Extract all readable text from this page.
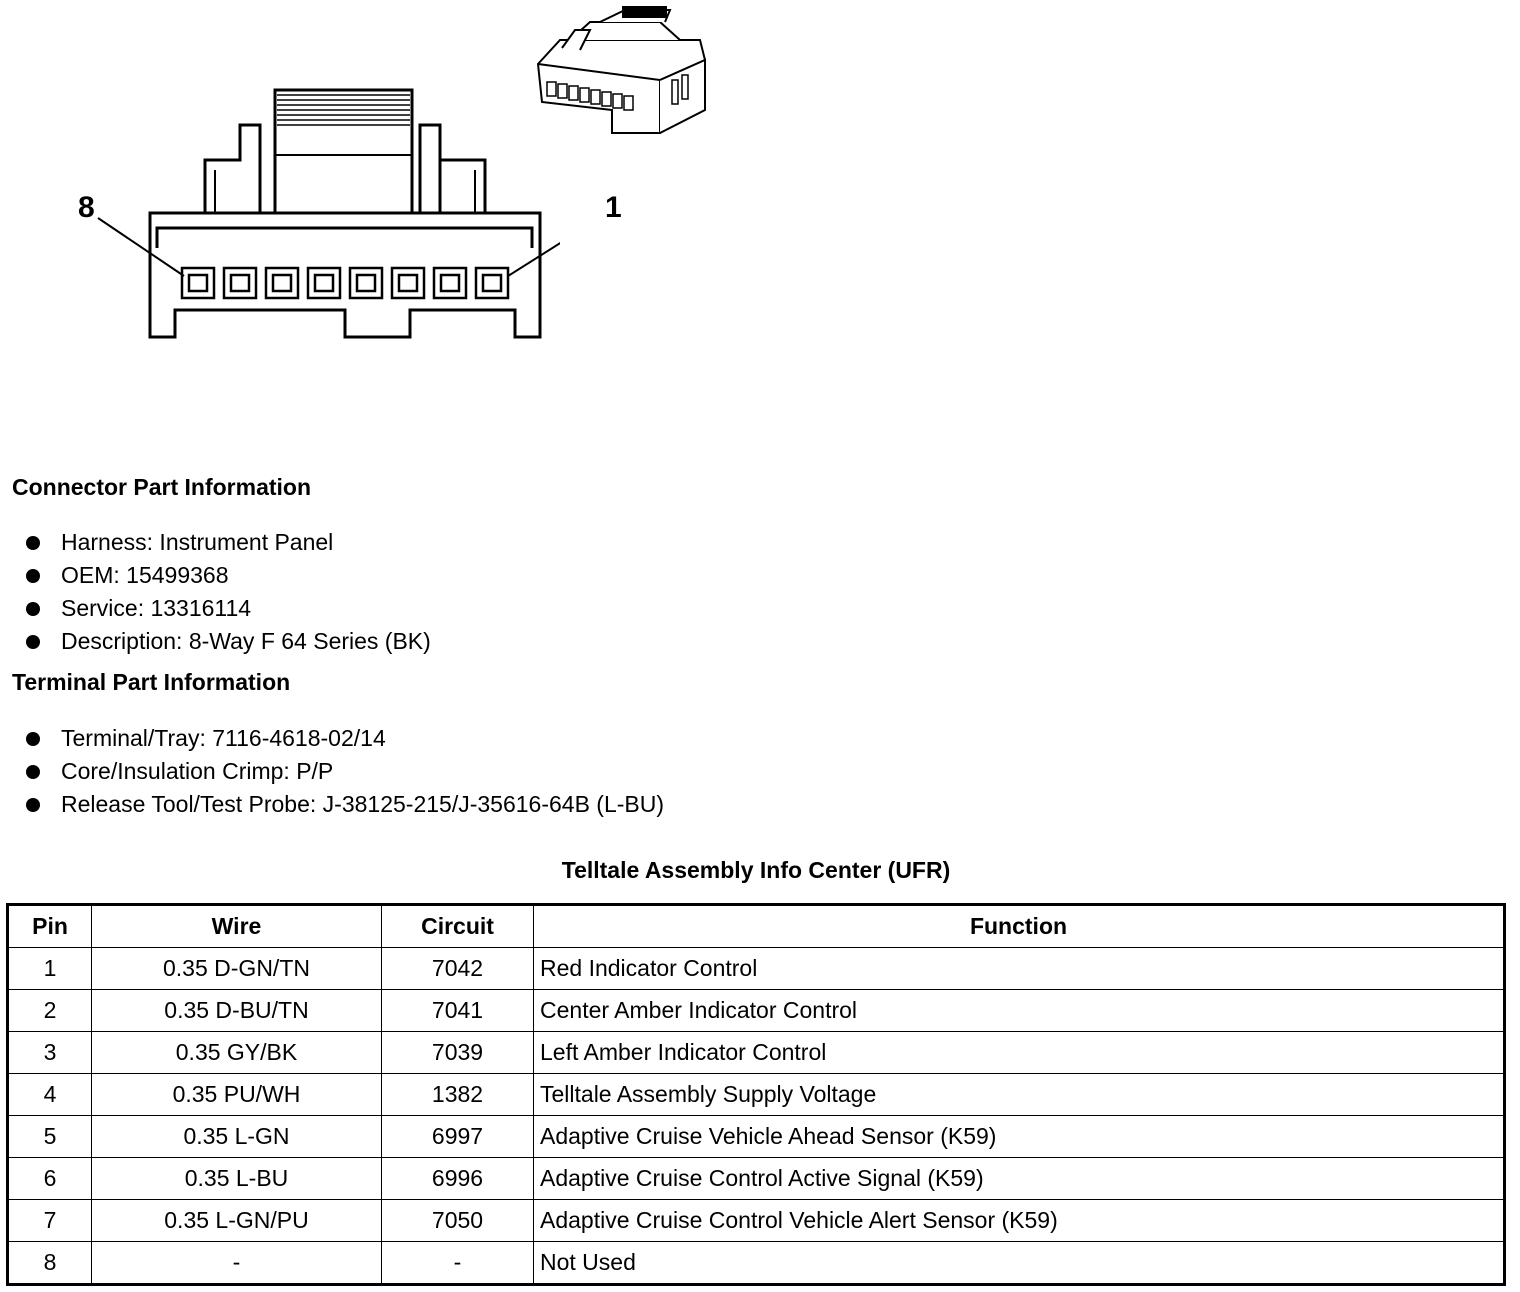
8	1
Connector Part Information
Harness: Instrument Panel
OEM: 15499368
Service: 13316114
Description: 8-Way F 64 Series (BK)
Terminal Part Information
Terminal/Tray: 7116-4618-02/14
Core/Insulation Crimp: P/P
Release Tool/Test Probe: J-38125-215/J-35616-64B (L-BU)
Telltale Assembly Info Center (UFR)
Pin	Wire	Circuit	Function
1	0.35 D-GN/TN	7042	Red Indicator Control
2	0.35 D-BU/TN	7041	Center Amber Indicator Control
3	0.35 GY/BK	7039	Left Amber Indicator Control
4	0.35 PU/WH	1382	Telltale Assembly Supply Voltage
5	0.35 L-GN	6997	Adaptive Cruise Vehicle Ahead Sensor (K59)
6	0.35 L-BU	6996	Adaptive Cruise Control Active Signal (K59)
7	0.35 L-GN/PU	7050	Adaptive Cruise Control Vehicle Alert Sensor (K59)
8	-	-	Not Used
